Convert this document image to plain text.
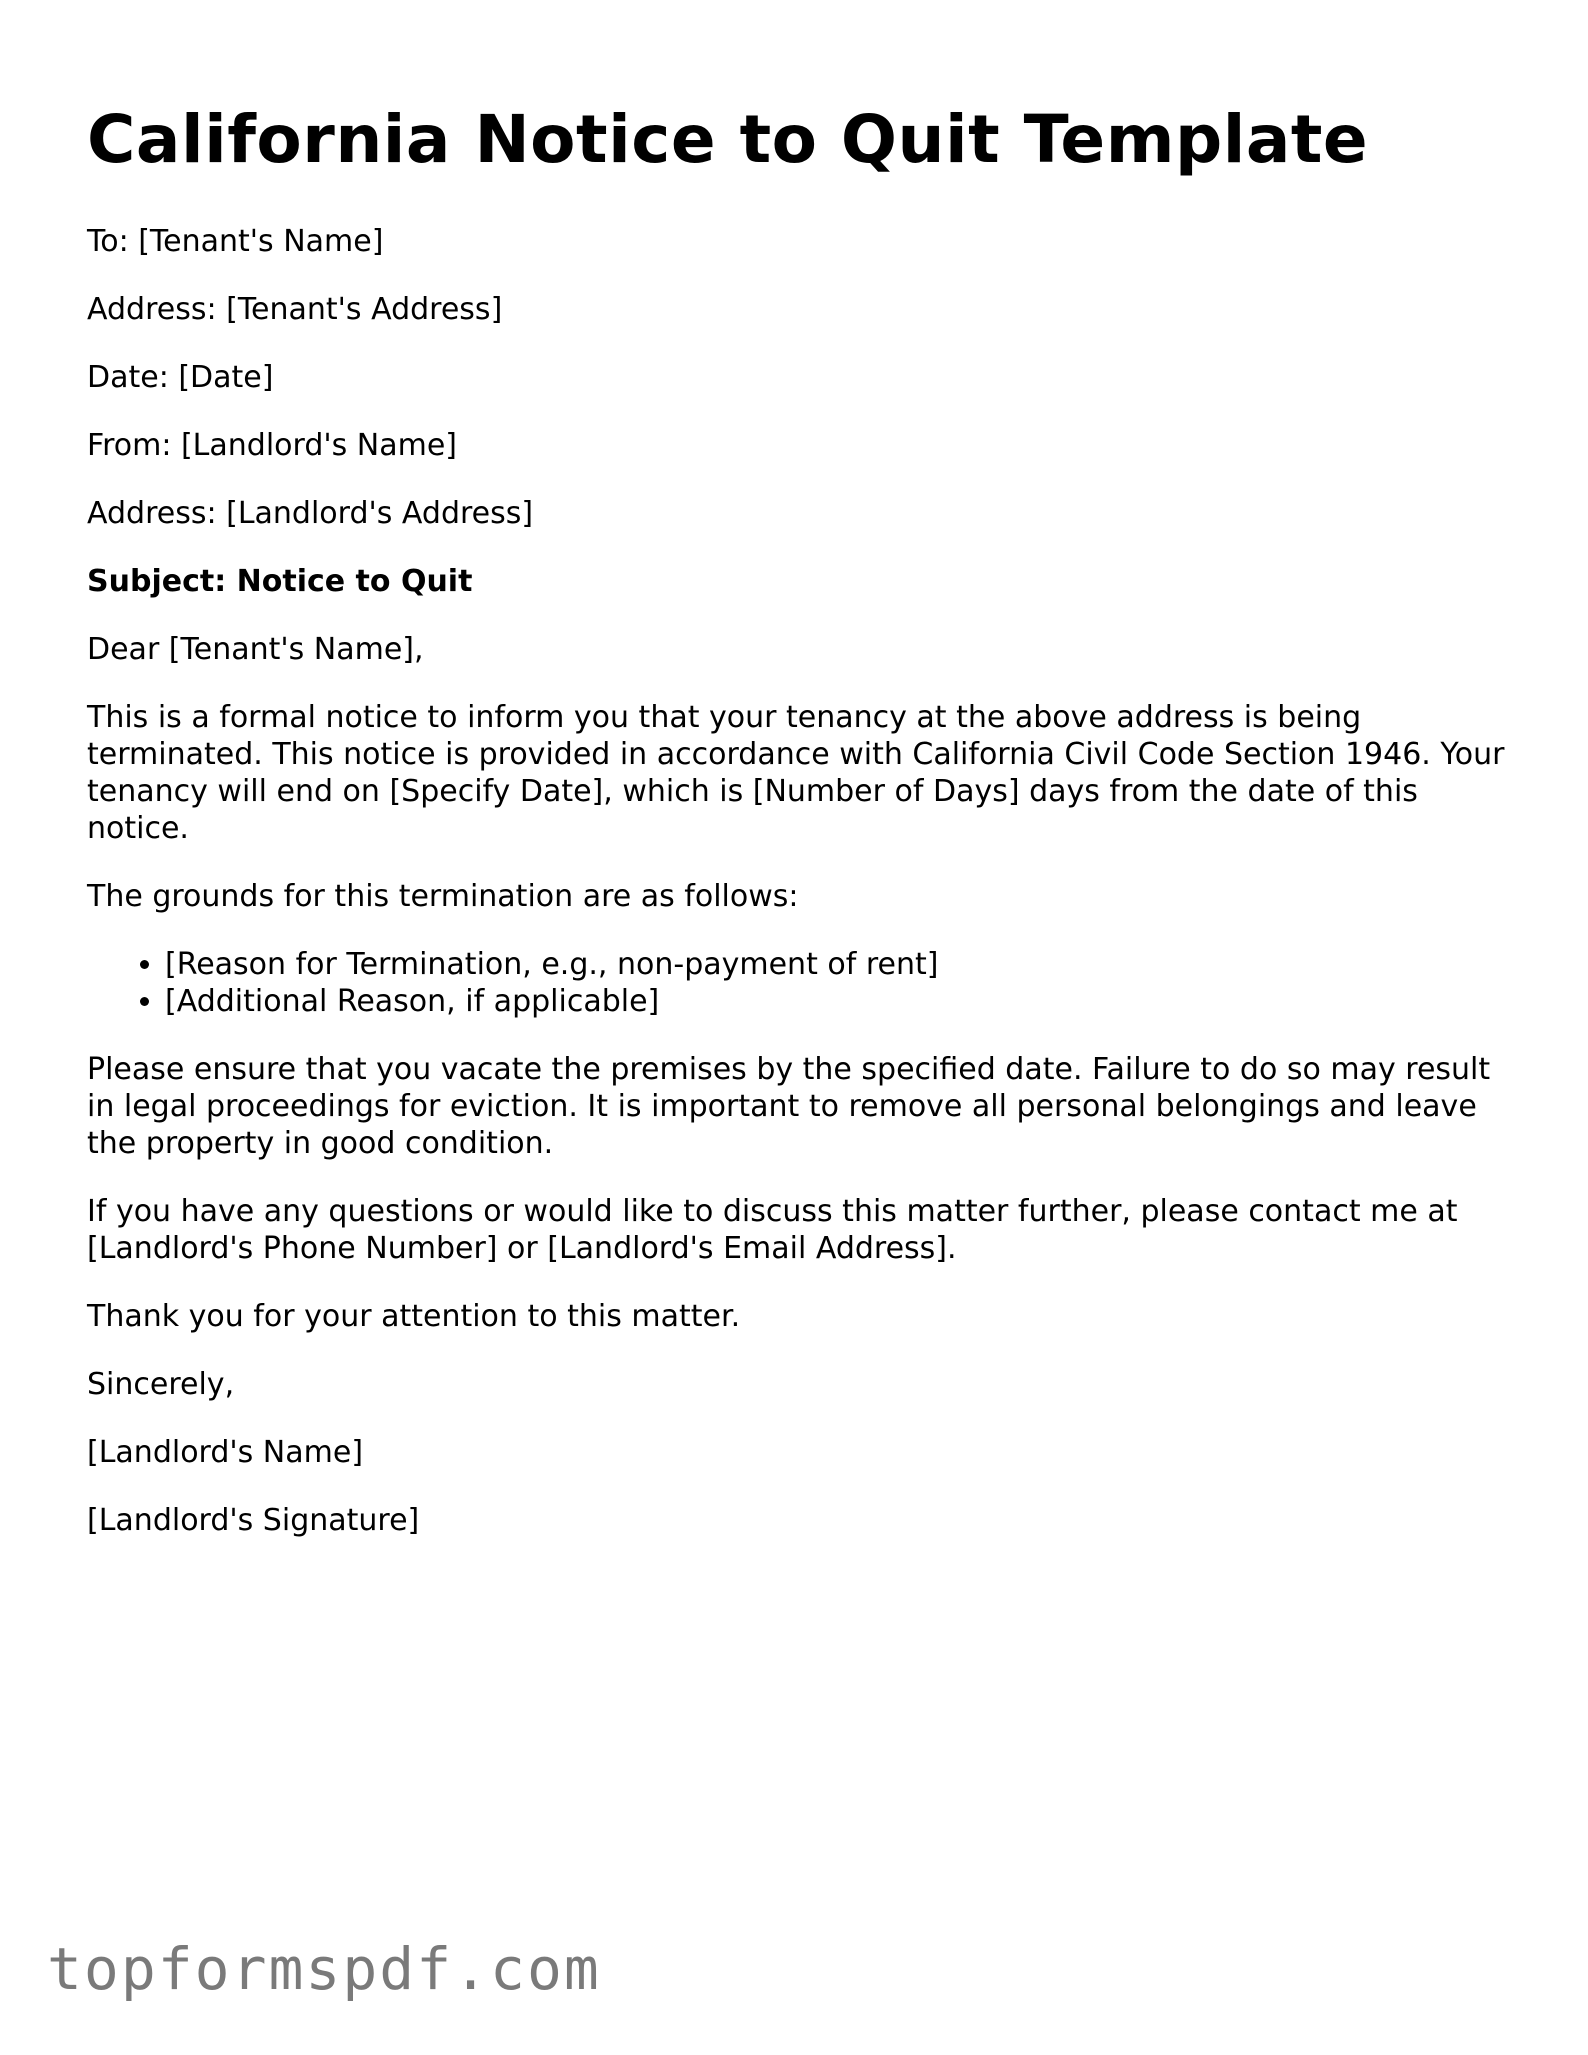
California Notice to Quit Template

To: [Tenant's Name]

Address: [Tenant's Address]

Date: [Date]

From: [Landlord's Name]

Address: [Landlord's Address]

Subject: Notice to Quit

Dear [Tenant's Name],

This is a formal notice to inform you that your tenancy at the above address is being terminated. This notice is provided in accordance with California Civil Code Section 1946. Your tenancy will end on [Specify Date], which is [Number of Days] days from the date of this notice.

The grounds for this termination are as follows:

• [Reason for Termination, e.g., non-payment of rent]
• [Additional Reason, if applicable]

Please ensure that you vacate the premises by the specified date. Failure to do so may result in legal proceedings for eviction. It is important to remove all personal belongings and leave the property in good condition.

If you have any questions or would like to discuss this matter further, please contact me at [Landlord's Phone Number] or [Landlord's Email Address].

Thank you for your attention to this matter.

Sincerely,

[Landlord's Name]

[Landlord's Signature]

topformspdf.com
